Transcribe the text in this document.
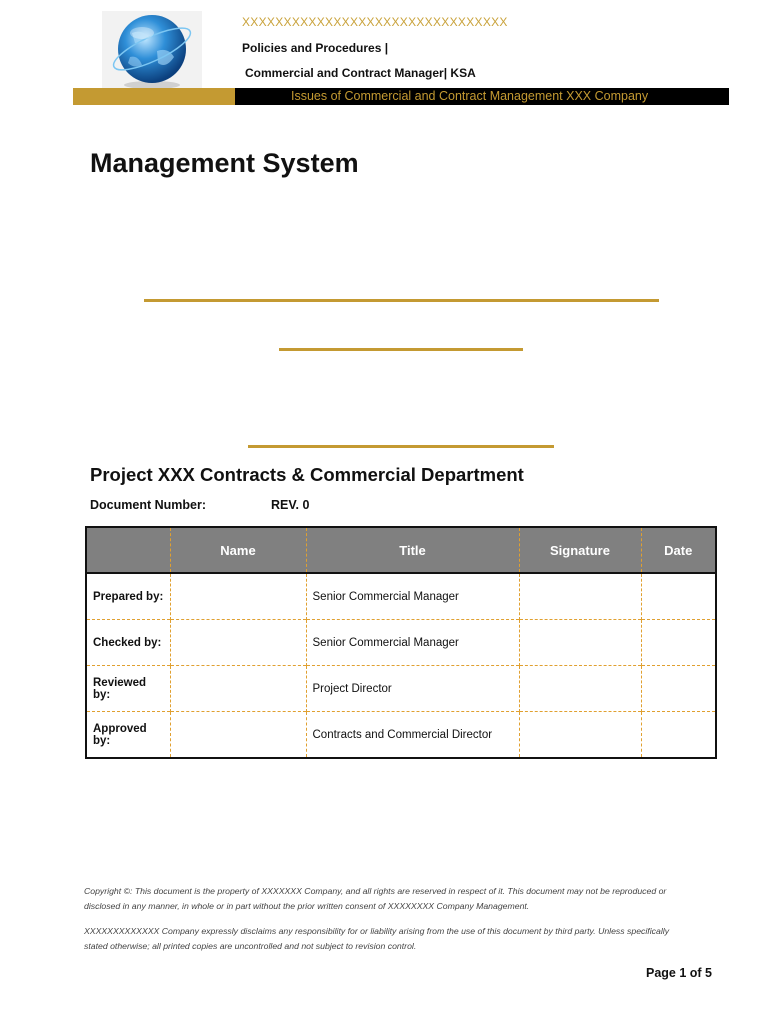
XXXXXXXXXXXXXXXXXXXXXXXXXXXXXXXX
Policies and Procedures |
Commercial and Contract Manager| KSA
Issues of Commercial and Contract Management XXX Company
Management System
Project XXX Contracts & Commercial Department
Document Number:	REV. 0
	Name	Title	Signature	Date
Prepared by:		Senior Commercial Manager		
Checked by:		Senior Commercial Manager		
Reviewed by:		Project Director		
Approved by:		Contracts and Commercial Director		
Copyright ©: This document is the property of XXXXXXX Company, and all rights are reserved in respect of it. This document may not be reproduced or
disclosed in any manner, in whole or in part without the prior written consent of XXXXXXXX Company Management.
XXXXXXXXXXXXX Company expressly disclaims any responsibility for or liability arising from the use of this document by third party. Unless specifically
stated otherwise; all printed copies are uncontrolled and not subject to revision control.
Page 1 of 5
